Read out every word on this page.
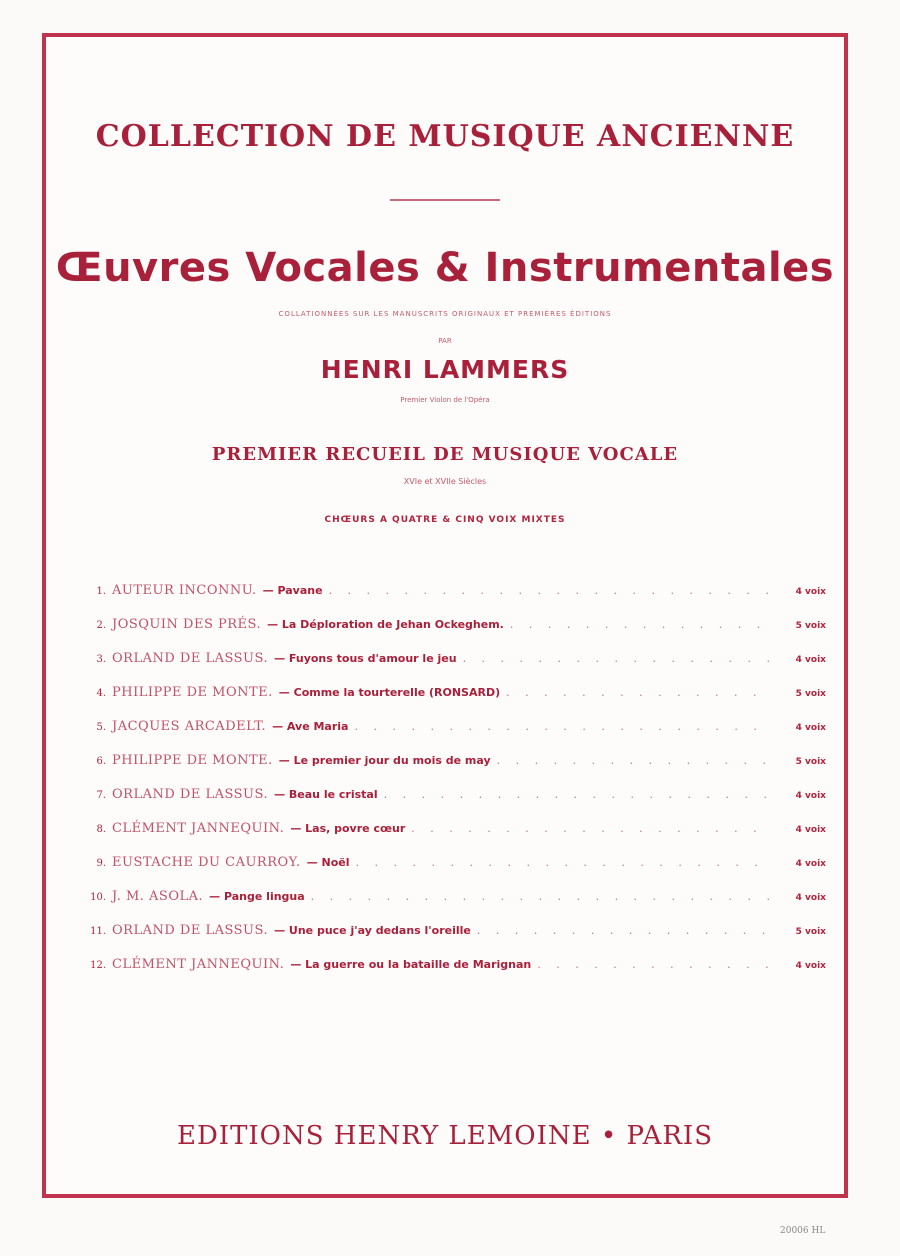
COLLECTION DE MUSIQUE ANCIENNE
Œuvres Vocales & Instrumentales
COLLATIONNÉES SUR LES MANUSCRITS ORIGINAUX ET PREMIÈRES ÉDITIONS
PAR
HENRI LAMMERS
Premier Violon de l'Opéra
PREMIER RECUEIL DE MUSIQUE VOCALE
XVIe et XVIIe Siècles
CHŒURS A QUATRE & CINQ VOIX MIXTES
1. AUTEUR INCONNU. — Pavane . . .	4 voix
2. JOSQUIN DES PRÉS. — La Déploration de Jehan Ockeghem. . . .	5 voix
3. ORLAND DE LASSUS. — Fuyons tous d'amour le jeu . . .	4 voix
4. PHILIPPE DE MONTE. — Comme la tourterelle (RONSARD) . . .	5 voix
5. JACQUES ARCADELT. — Ave Maria . . .	4 voix
6. PHILIPPE DE MONTE. — Le premier jour du mois de may . . .	5 voix
7. ORLAND DE LASSUS. — Beau le cristal . . .	4 voix
8. CLÉMENT JANNEQUIN. — Las, povre cœur . . .	4 voix
9. EUSTACHE DU CAURROY. — Noël . . .	4 voix
10. J. M. ASOLA. — Pange lingua . . .	4 voix
11. ORLAND DE LASSUS. — Une puce j'ay dedans l'oreille . . .	5 voix
12. CLÉMENT JANNEQUIN. — La guerre ou la bataille de Marignan . . .	4 voix
EDITIONS HENRY LEMOINE • PARIS
20006 HL
